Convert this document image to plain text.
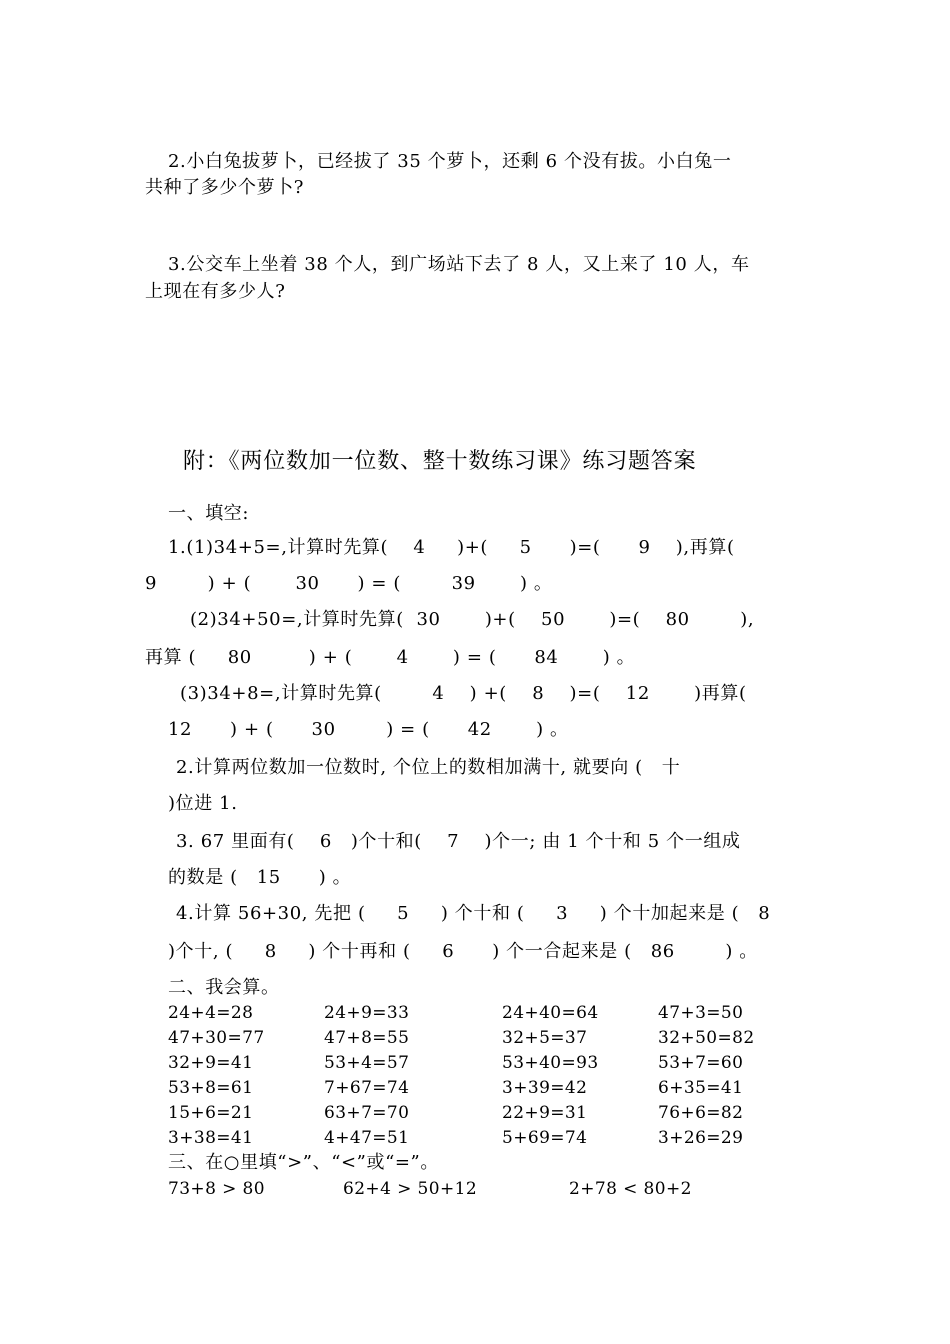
2.小白兔拔萝卜，已经拔了 35 个萝卜，还剩 6 个没有拔。小白兔一
共种了多少个萝卜?
3.公交车上坐着 38 个人，到广场站下去了 8 人，又上来了 10 人，车
上现在有多少人?
附：《两位数加一位数、整十数练习课》练习题答案
一、填空:
1.(1)34+5=,计算时先算(    4     )+(     5      )=(      9    ),再算(
9        ) + (       30      ) = (        39       ) 。
(2)34+50=,计算时先算(  30       )+(    50       )=(    80        ),
再算 (     80         ) + (       4       ) = (      84       ) 。
(3)34+8=,计算时先算(        4    ) +(    8    )=(    12       )再算(
12      ) + (      30        ) = (      42       ) 。
2.计算两位数加一位数时, 个位上的数相加满十, 就要向 (   十
)位进 1.
3. 67 里面有(    6   )个十和(    7    )个一; 由 1 个十和 5 个一组成
的数是 (   15      ) 。
4.计算 56+30, 先把 (     5     ) 个十和 (     3     ) 个十加起来是 (   8
)个十, (     8     ) 个十再和 (     6      ) 个一合起来是 (   86        ) 。
二、我会算。
24+4=28	24+9=33	24+40=64	47+3=50
47+30=77	47+8=55	32+5=37	32+50=82
32+9=41	53+4=57	53+40=93	53+7=60
53+8=61	7+67=74	3+39=42	6+35=41
15+6=21	63+7=70	22+9=31	76+6=82
3+38=41	4+47=51	5+69=74	3+26=29
三、在○里填“>”、“<”或“=”。
73+8 > 80	62+4 > 50+12	2+78 < 80+2
